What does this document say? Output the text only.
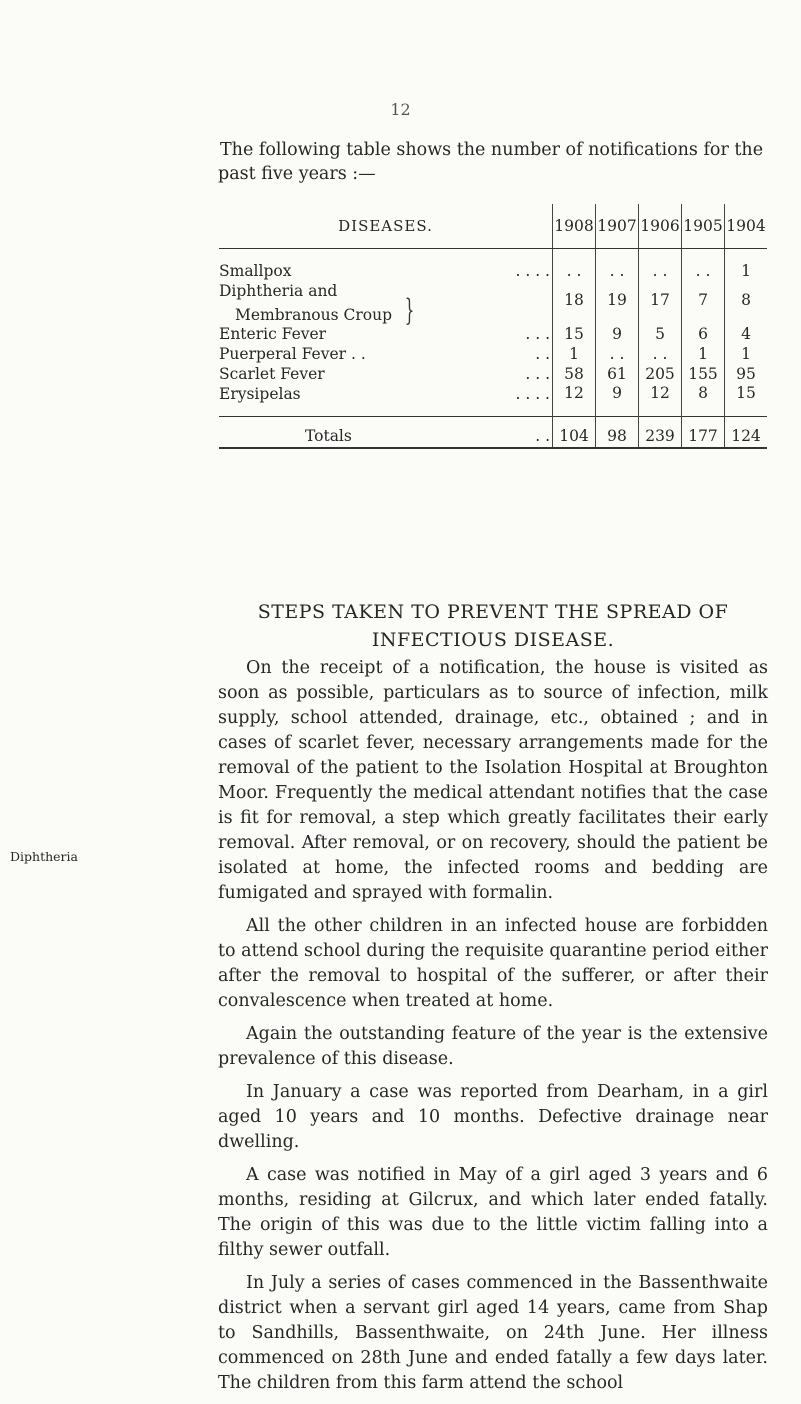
12

The following table shows the number of notifications for the past five years :—

DISEASES.	1908	1907	1906	1905	1904
Smallpox . . . .	. .	. .	. .	. .	1
Diphtheria and					
Membranous Croup }	18	19	17	7	8
Enteric Fever . . .	15	9	5	6	4
Puerperal Fever . . . .	1	. .	. .	1	1
Scarlet Fever . . .	58	61	205	155	95
Erysipelas . . . .	12	9	12	8	15
Totals . .	104	98	239	177	124
STEPS TAKEN TO PREVENT THE SPREAD OF INFECTIOUS DISEASE.
Diphtheria

On the receipt of a notification, the house is visited as soon as possible, particulars as to source of infection, milk supply, school attended, drainage, etc., obtained ; and in cases of scarlet fever, necessary arrangements made for the removal of the patient to the Isolation Hospital at Broughton Moor. Frequently the medical attendant notifies that the case is fit for removal, a step which greatly facilitates their early removal. After removal, or on recovery, should the patient be isolated at home, the infected rooms and bedding are fumigated and sprayed with formalin.

All the other children in an infected house are forbidden to attend school during the requisite quarantine period either after the removal to hospital of the sufferer, or after their convalescence when treated at home.

Again the outstanding feature of the year is the extensive prevalence of this disease.

In January a case was reported from Dearham, in a girl aged 10 years and 10 months. Defective drainage near dwelling.

A case was notified in May of a girl aged 3 years and 6 months, residing at Gilcrux, and which later ended fatally. The origin of this was due to the little victim falling into a filthy sewer outfall.

In July a series of cases commenced in the Bassenthwaite district when a servant girl aged 14 years, came from Shap to Sandhills, Bassenthwaite, on 24th June. Her illness commenced on 28th June and ended fatally a few days later. The children from this farm attend the school
